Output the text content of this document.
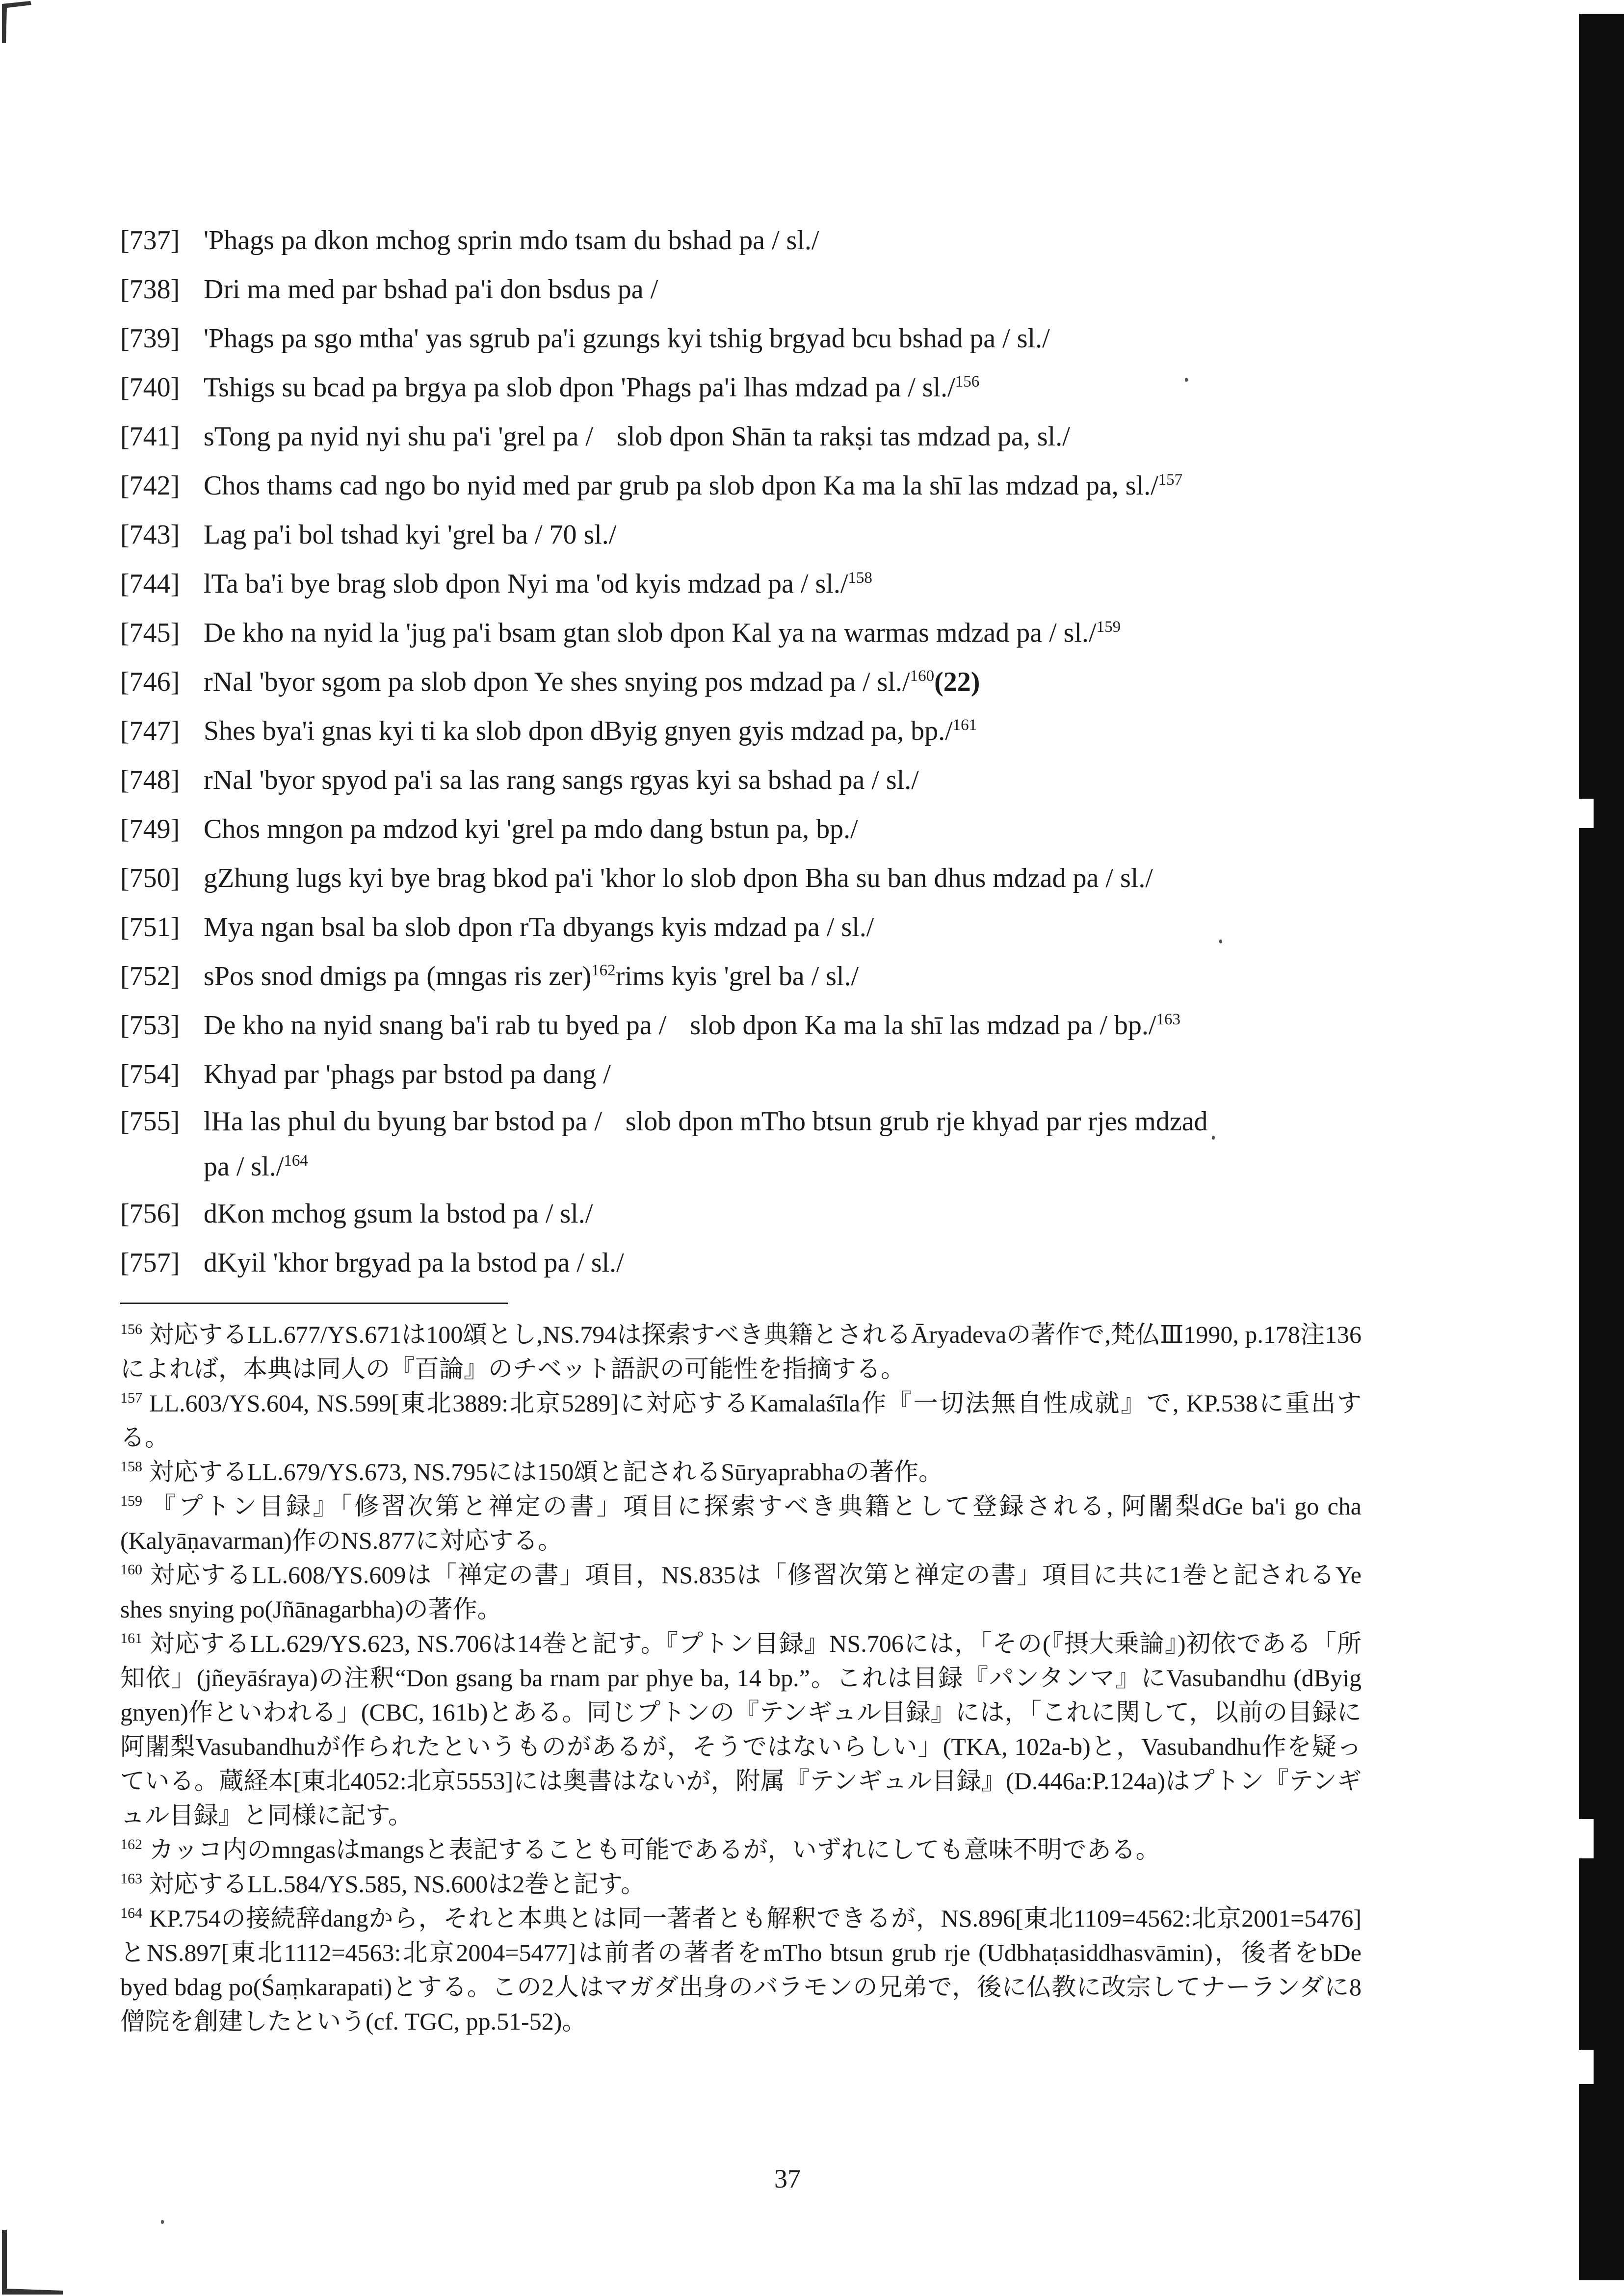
[737] 'Phags pa dkon mchog sprin mdo tsam du bshad pa / sl./
[738] Dri ma med par bshad pa'i don bsdus pa /
[739] 'Phags pa sgo mtha' yas sgrub pa'i gzungs kyi tshig brgyad bcu bshad pa / sl./
[740] Tshigs su bcad pa brgya pa slob dpon 'Phags pa'i lhas mdzad pa / sl./$^{156}$
[741] sTong pa nyid nyi shu pa'i 'grel pa / slob dpon Shān ta rakṣi tas mdzad pa, sl./
[742] Chos thams cad ngo bo nyid med par grub pa slob dpon Ka ma la shī las mdzad pa, sl./$^{157}$
[743] Lag pa'i bol tshad kyi 'grel ba / 70 sl./
[744] lTa ba'i bye brag slob dpon Nyi ma 'od kyis mdzad pa / sl./$^{158}$
[745] De kho na nyid la 'jug pa'i bsam gtan slob dpon Kal ya na warmas mdzad pa / sl./$^{159}$
[746] rNal 'byor sgom pa slob dpon Ye shes snying pos mdzad pa / sl./$^{160}$(22)
[747] Shes bya'i gnas kyi ti ka slob dpon dByig gnyen gyis mdzad pa, bp./$^{161}$
[748] rNal 'byor spyod pa'i sa las rang sangs rgyas kyi sa bshad pa / sl./
[749] Chos mngon pa mdzod kyi 'grel pa mdo dang bstun pa, bp./
[750] gZhung lugs kyi bye brag bkod pa'i 'khor lo slob dpon Bha su ban dhus mdzad pa / sl./
[751] Mya ngan bsal ba slob dpon rTa dbyangs kyis mdzad pa / sl./
[752] sPos snod dmigs pa (mngas ris zer)$^{162}$rims kyis 'grel ba / sl./
[753] De kho na nyid snang ba'i rab tu byed pa / slob dpon Ka ma la shī las mdzad pa / bp./$^{163}$
[754] Khyad par 'phags par bstod pa dang /
[755] lHa las phul du byung bar bstod pa / slob dpon mTho btsun grub rje khyad par rjes mdzad
pa / sl./$^{164}$
[756] dKon mchog gsum la bstod pa / sl./
[757] dKyil 'khor brgyad pa la bstod pa / sl./

$^{156}$ 対応するLL.677/YS.671は100頌とし,NS.794は探索すべき典籍とされるĀryadevaの著作で,梵仏Ⅲ1990, p.178注136によれば，本典は同人の『百論』のチベット語訳の可能性を指摘する。

$^{157}$ LL.603/YS.604, NS.599[東北3889:北京5289]に対応するKamalaśīla作『一切法無自性成就』で, KP.538に重出する。

$^{158}$ 対応するLL.679/YS.673, NS.795には150頌と記されるSūryaprabhaの著作。

$^{159}$ 『プトン目録』「修習次第と禅定の書」項目に探索すべき典籍として登録される, 阿闍梨dGe ba'i go cha (Kalyāṇavarman)作のNS.877に対応する。

$^{160}$ 対応するLL.608/YS.609は「禅定の書」項目，NS.835は「修習次第と禅定の書」項目に共に1巻と記されるYe shes snying po(Jñānagarbha)の著作。

$^{161}$ 対応するLL.629/YS.623, NS.706は14巻と記す。『プトン目録』NS.706には，「その(『摂大乗論』)初依である「所知依」(jñeyāśraya)の注釈“Don gsang ba rnam par phye ba, 14 bp.”。これは目録『パンタンマ』にVasubandhu (dByig gnyen)作といわれる」(CBC, 161b)とある。同じプトンの『テンギュル目録』には，「これに関して，以前の目録に阿闍梨Vasubandhuが作られたというものがあるが，そうではないらしい」(TKA, 102a-b)と，Vasubandhu作を疑っている。蔵経本[東北4052:北京5553]には奥書はないが，附属『テンギュル目録』(D.446a:P.124a)はプトン『テンギュル目録』と同様に記す。

$^{162}$ カッコ内のmngasはmangsと表記することも可能であるが，いずれにしても意味不明である。

$^{163}$ 対応するLL.584/YS.585, NS.600は2巻と記す。

$^{164}$ KP.754の接続辞dangから，それと本典とは同一著者とも解釈できるが，NS.896[東北1109=4562:北京2001=5476]とNS.897[東北1112=4563:北京2004=5477]は前者の著者をmTho btsun grub rje (Udbhaṭasiddhasvāmin)，後者をbDe byed bdag po(Śaṃkarapati)とする。この2人はマガダ出身のバラモンの兄弟で，後に仏教に改宗してナーランダに8僧院を創建したという(cf. TGC, pp.51-52)。

37
